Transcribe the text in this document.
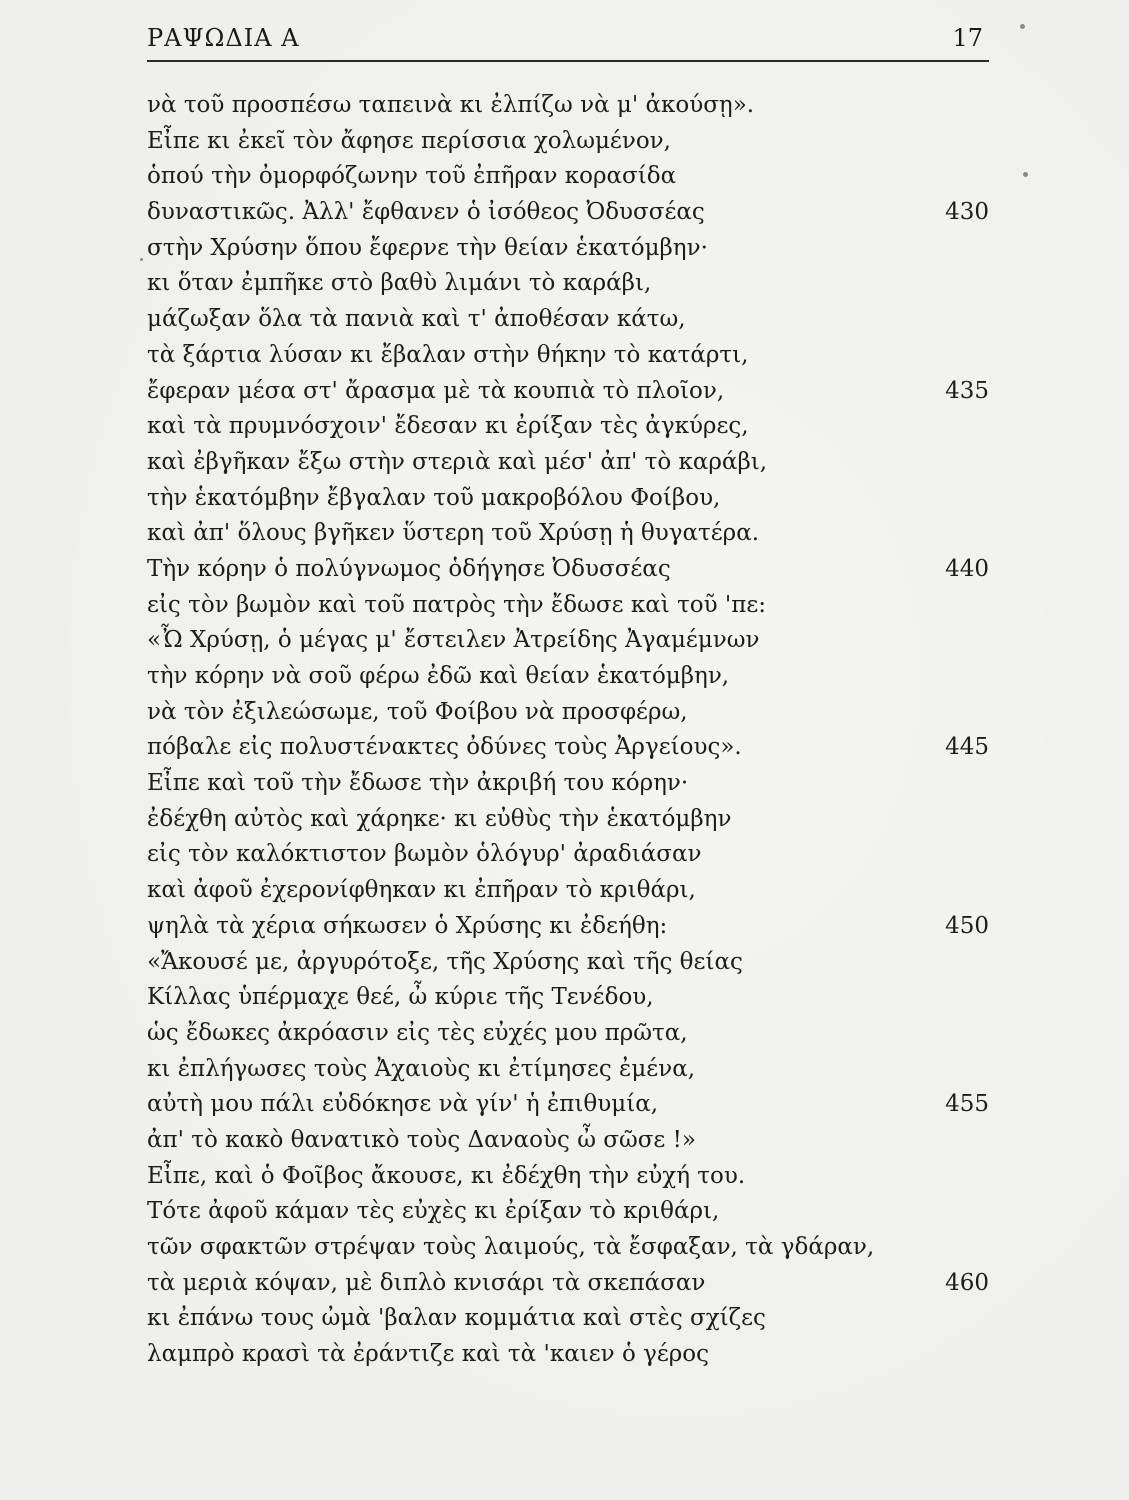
ΡΑΨΩΔΙΑ Α	17
νὰ τοῦ προσπέσω ταπεινὰ κι ἐλπίζω νὰ μ' ἀκούσῃ».
Εἶπε κι ἐκεῖ τὸν ἄφησε περίσσια χολωμένον,
ὁπού τὴν ὀμορφόζωνην τοῦ ἐπῆραν κορασίδα
δυναστικῶς. Ἀλλ' ἔφθανεν ὁ ἰσόθεος Ὀδυσσέας	430
στὴν Χρύσην ὅπου ἔφερνε τὴν θείαν ἑκατόμβην·
κι ὅταν ἐμπῆκε στὸ βαθὺ λιμάνι τὸ καράβι,
μάζωξαν ὅλα τὰ πανιὰ καὶ τ' ἀποθέσαν κάτω,
τὰ ξάρτια λύσαν κι ἔβαλαν στὴν θήκην τὸ κατάρτι,
ἔφεραν μέσα στ' ἄρασμα μὲ τὰ κουπιὰ τὸ πλοῖον,	435
καὶ τὰ πρυμνόσχοιν' ἔδεσαν κι ἐρίξαν τὲς ἀγκύρες,
καὶ ἐβγῆκαν ἔξω στὴν στεριὰ καὶ μέσ' ἀπ' τὸ καράβι,
τὴν ἑκατόμβην ἔβγαλαν τοῦ μακροβόλου Φοίβου,
καὶ ἀπ' ὅλους βγῆκεν ὕστερη τοῦ Χρύσῃ ἡ θυγατέρα.
Τὴν κόρην ὁ πολύγνωμος ὁδήγησε Ὀδυσσέας	440
εἰς τὸν βωμὸν καὶ τοῦ πατρὸς τὴν ἔδωσε καὶ τοῦ 'πε:
«Ὦ Χρύσῃ, ὁ μέγας μ' ἔστειλεν Ἀτρείδης Ἀγαμέμνων
τὴν κόρην νὰ σοῦ φέρω ἐδῶ καὶ θείαν ἑκατόμβην,
νὰ τὸν ἐξιλεώσωμε, τοῦ Φοίβου νὰ προσφέρω,
πόβαλε εἰς πολυστένακτες ὀδύνες τοὺς Ἀργείους».	445
Εἶπε καὶ τοῦ τὴν ἔδωσε τὴν ἀκριβή του κόρην·
ἐδέχθη αὐτὸς καὶ χάρηκε· κι εὐθὺς τὴν ἑκατόμβην
εἰς τὸν καλόκτιστον βωμὸν ὁλόγυρ' ἀραδιάσαν
καὶ ἀφοῦ ἐχερονίφθηκαν κι ἐπῆραν τὸ κριθάρι,
ψηλὰ τὰ χέρια σήκωσεν ὁ Χρύσης κι ἐδεήθη:	450
«Ἄκουσέ με, ἀργυρότοξε, τῆς Χρύσης καὶ τῆς θείας
Κίλλας ὑπέρμαχε θεέ, ὦ κύριε τῆς Τενέδου,
ὡς ἔδωκες ἀκρόασιν εἰς τὲς εὐχές μου πρῶτα,
κι ἐπλήγωσες τοὺς Ἀχαιοὺς κι ἐτίμησες ἐμένα,
αὐτὴ μου πάλι εὐδόκησε νὰ γίν' ἡ ἐπιθυμία,	455
ἀπ' τὸ κακὸ θανατικὸ τοὺς Δαναοὺς ὦ σῶσε !»
Εἶπε, καὶ ὁ Φοῖβος ἄκουσε, κι ἐδέχθη τὴν εὐχή του.
Τότε ἀφοῦ κάμαν τὲς εὐχὲς κι ἐρίξαν τὸ κριθάρι,
τῶν σφακτῶν στρέψαν τοὺς λαιμούς, τὰ ἔσφαξαν, τὰ γδάραν,
τὰ μεριὰ κόψαν, μὲ διπλὸ κνισάρι τὰ σκεπάσαν	460
κι ἐπάνω τους ὠμὰ 'βαλαν κομμάτια καὶ στὲς σχίζες
λαμπρὸ κρασὶ τὰ ἐράντιζε καὶ τὰ 'καιεν ὁ γέρος
